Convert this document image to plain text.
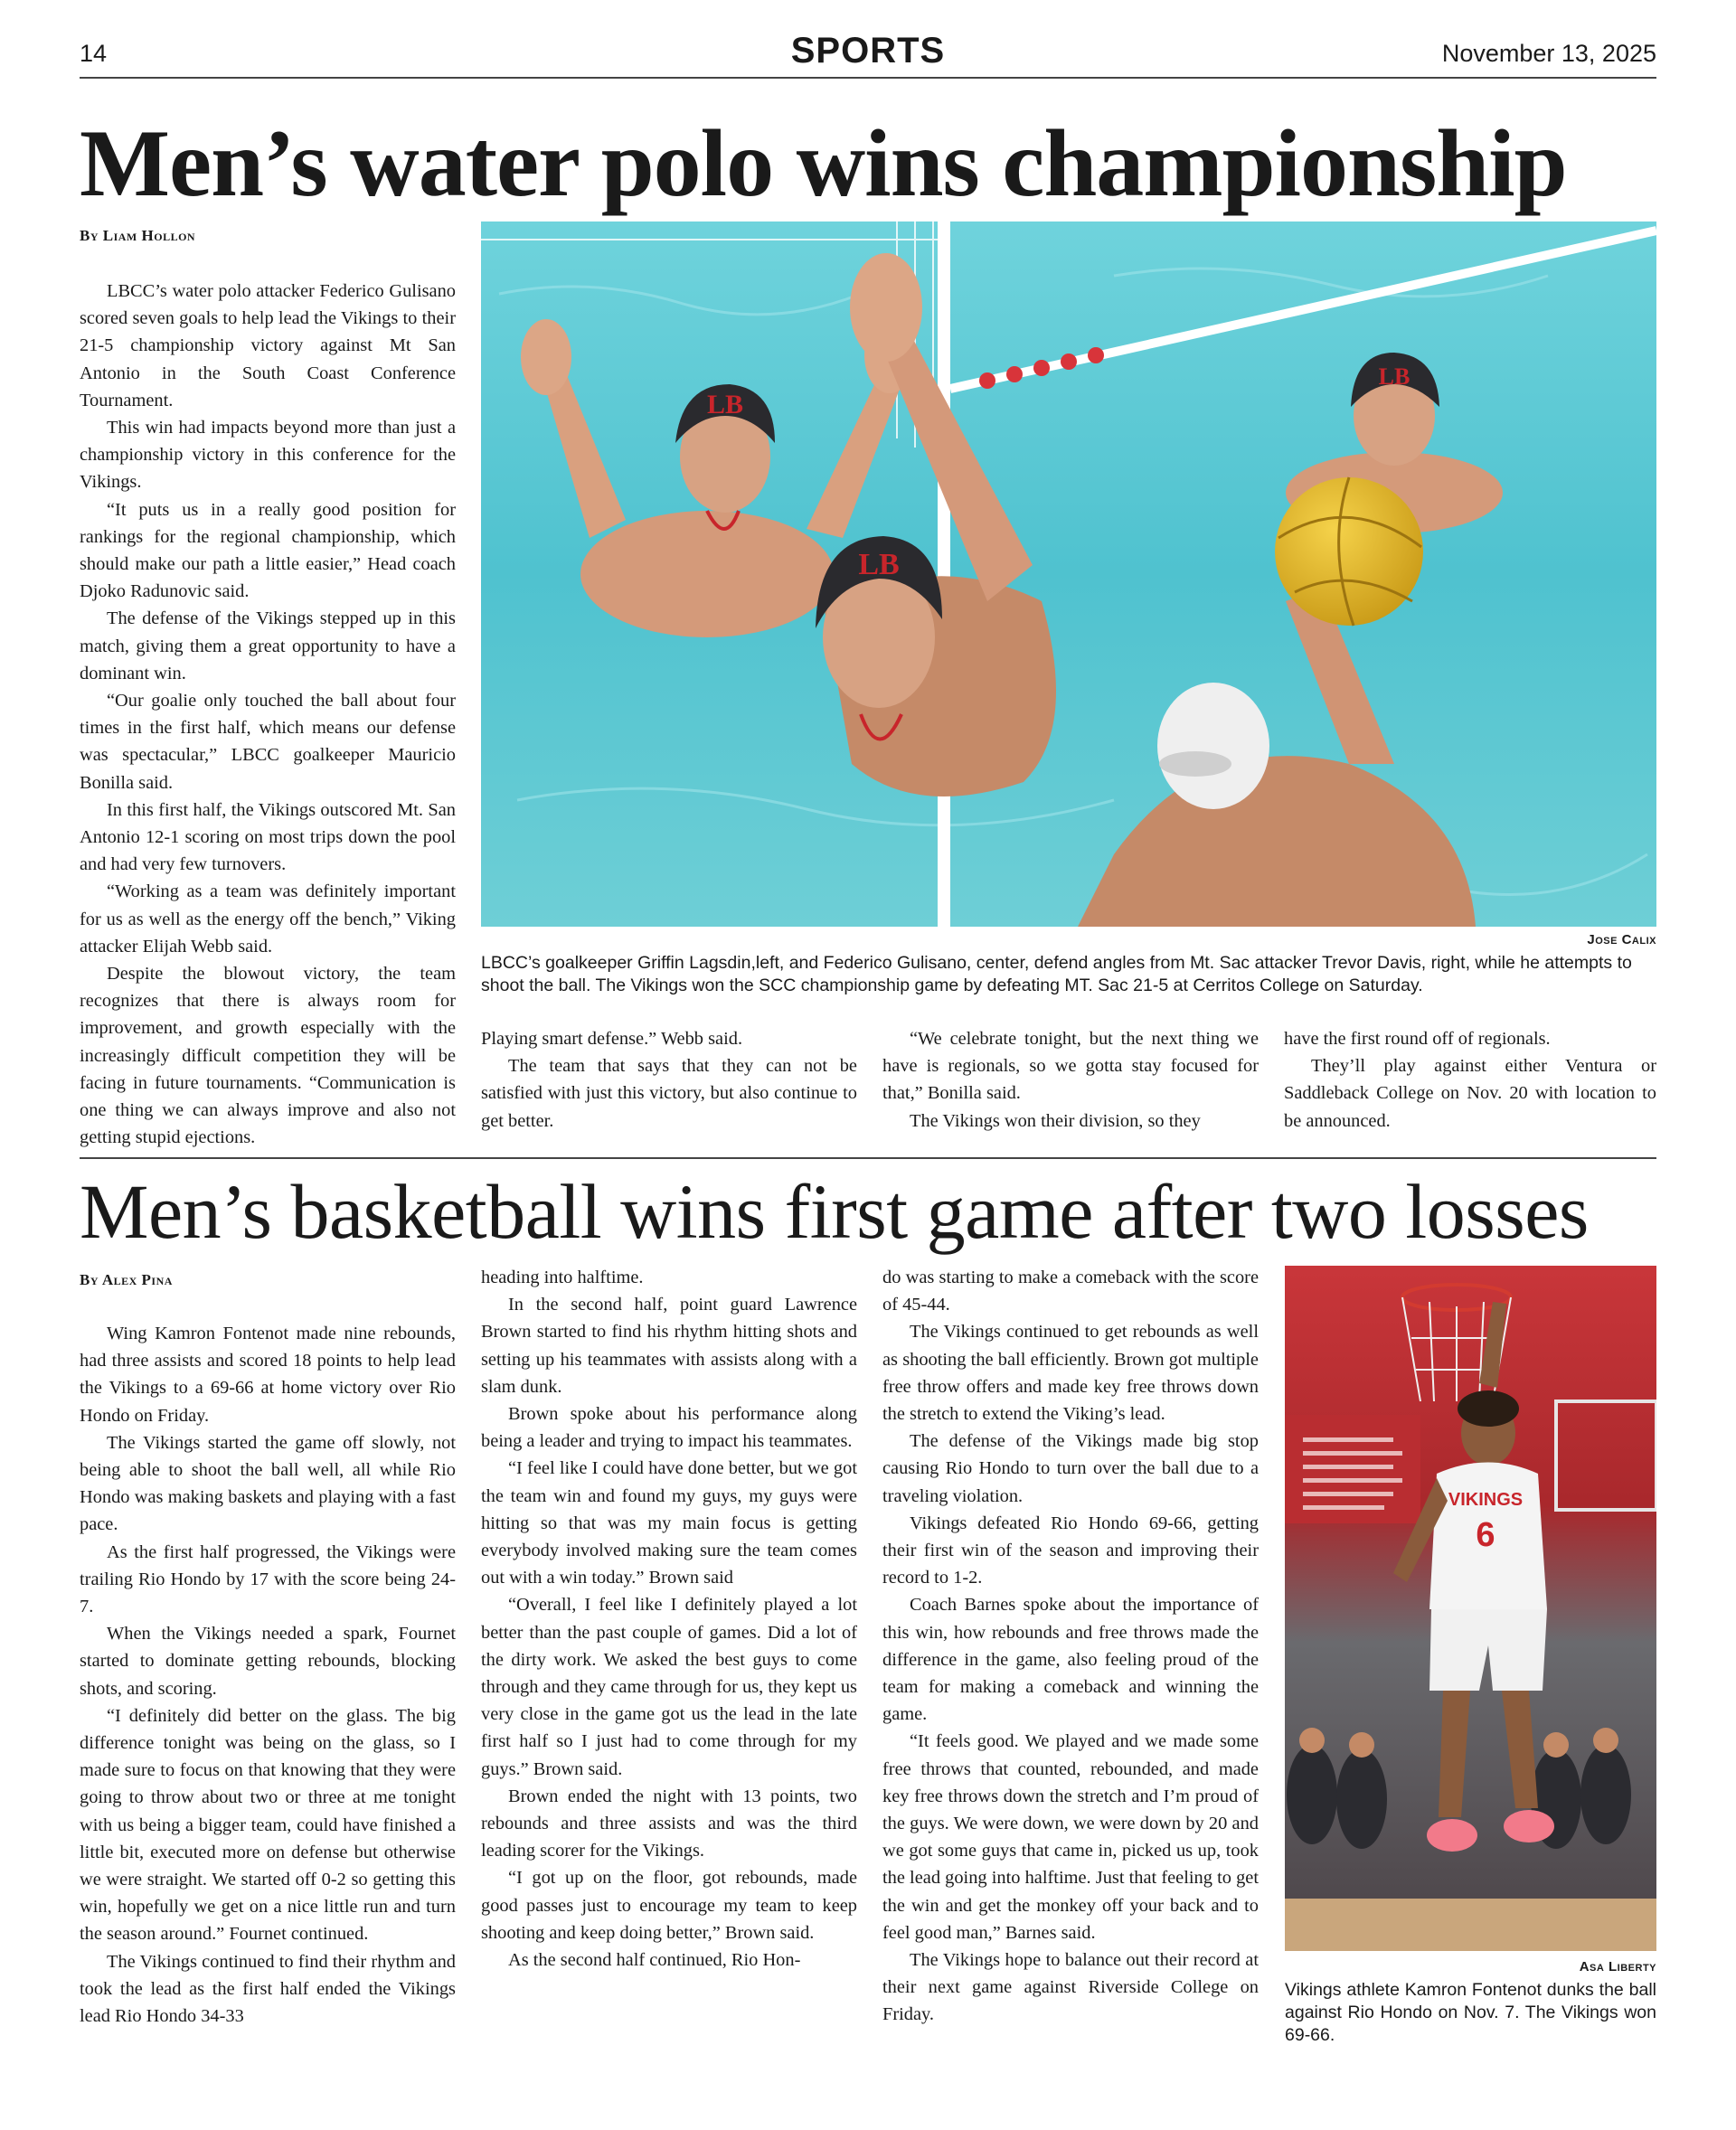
14	SPORTS	November 13, 2025
Men’s water polo wins championship
By Liam Hollon

LBCC’s water polo attacker Federico Gulisano scored seven goals to help lead the Vikings to their 21-5 championship victory against Mt San Antonio in the South Coast Conference Tournament.

This win had impacts beyond more than just a championship victory in this conference for the Vikings.

“It puts us in a really good position for rankings for the regional championship, which should make our path a little easier,” Head coach Djoko Radunovic said.

The defense of the Vikings stepped up in this match, giving them a great opportunity to have a dominant win.

“Our goalie only touched the ball about four times in the first half, which means our defense was spectacular,” LBCC goalkeeper Mauricio Bonilla said.

In this first half, the Vikings outscored Mt. San Antonio 12-1 scoring on most trips down the pool and had very few turnovers.

“Working as a team was definitely important for us as well as the energy off the bench,” Viking attacker Elijah Webb said.

Despite the blowout victory, the team recognizes that there is always room for improvement, and growth especially with the increasingly difficult competition they will be facing in future tournaments. “Communication is one thing we can always improve and also not getting stupid ejections.

LB
LB
LB
Jose Calix
LBCC’s goalkeeper Griffin Lagsdin,left, and Federico Gulisano, center, defend angles from Mt. Sac attacker Trevor Davis, right, while he attempts to shoot the ball. The Vikings won the SCC championship game by defeating MT. Sac 21-5 at Cerritos College on Saturday.

Playing smart defense.” Webb said.

The team that says that they can not be satisfied with just this victory, but also continue to get better.

“We celebrate tonight, but the next thing we have is regionals, so we gotta stay focused for that,” Bonilla said.

The Vikings won their division, so they

have the first round off of regionals.

They’ll play against either Ventura or Saddleback College on Nov. 20 with location to be announced.

Men’s basketball wins first game after two losses
By Alex Pina

Wing Kamron Fontenot made nine rebounds, had three assists and scored 18 points to help lead the Vikings to a 69-66 at home victory over Rio Hondo on Friday.

The Vikings started the game off slowly, not being able to shoot the ball well, all while Rio Hondo was making baskets and playing with a fast pace.

As the first half progressed, the Vikings were trailing Rio Hondo by 17 with the score being 24-7.

When the Vikings needed a spark, Fournet started to dominate getting rebounds, blocking shots, and scoring.

“I definitely did better on the glass. The big difference tonight was being on the glass, so I made sure to focus on that knowing that they were going to throw about two or three at me tonight with us being a bigger team, could have finished a little bit, executed more on defense but otherwise we were straight. We started off 0-2 so getting this win, hopefully we get on a nice little run and turn the season around.” Fournet continued.

The Vikings continued to find their rhythm and took the lead as the first half ended the Vikings lead Rio Hondo 34-33

heading into halftime.

In the second half, point guard Lawrence Brown started to find his rhythm hitting shots and setting up his teammates with assists along with a slam dunk.

Brown spoke about his performance along being a leader and trying to impact his teammates.

“I feel like I could have done better, but we got the team win and found my guys, my guys were hitting so that was my main focus is getting everybody involved making sure the team comes out with a win today.” Brown said

“Overall, I feel like I definitely played a lot better than the past couple of games. Did a lot of the dirty work. We asked the best guys to come through and they came through for us, they kept us very close in the game got us the lead in the late first half so I just had to come through for my guys.” Brown said.

Brown ended the night with 13 points, two rebounds and three assists and was the third leading scorer for the Vikings.

“I got up on the floor, got rebounds, made good passes just to encourage my team to keep shooting and keep doing better,” Brown said.

As the second half continued, Rio Hon-

do was starting to make a comeback with the score of 45-44.

The Vikings continued to get rebounds as well as shooting the ball efficiently. Brown got multiple free throw offers and made key free throws down the stretch to extend the Viking’s lead.

The defense of the Vikings made big stop causing Rio Hondo to turn over the ball due to a traveling violation.

Vikings defeated Rio Hondo 69-66, getting their first win of the season and improving their record to 1-2.

Coach Barnes spoke about the importance of this win, how rebounds and free throws made the difference in the game, also feeling proud of the team for making a comeback and winning the game.

“It feels good. We played and we made some free throws that counted, rebounded, and made key free throws down the stretch and I’m proud of the guys. We were down, we were down by 20 and we got some guys that came in, picked us up, took the lead going into halftime. Just that feeling to get the win and get the monkey off your back and to feel good man,” Barnes said.

The Vikings hope to balance out their record at their next game against Riverside College on Friday.

VIKINGS
6
Asa Liberty
Vikings athlete Kamron Fontenot dunks the ball against Rio Hondo on Nov. 7. The Vikings won 69-66.
